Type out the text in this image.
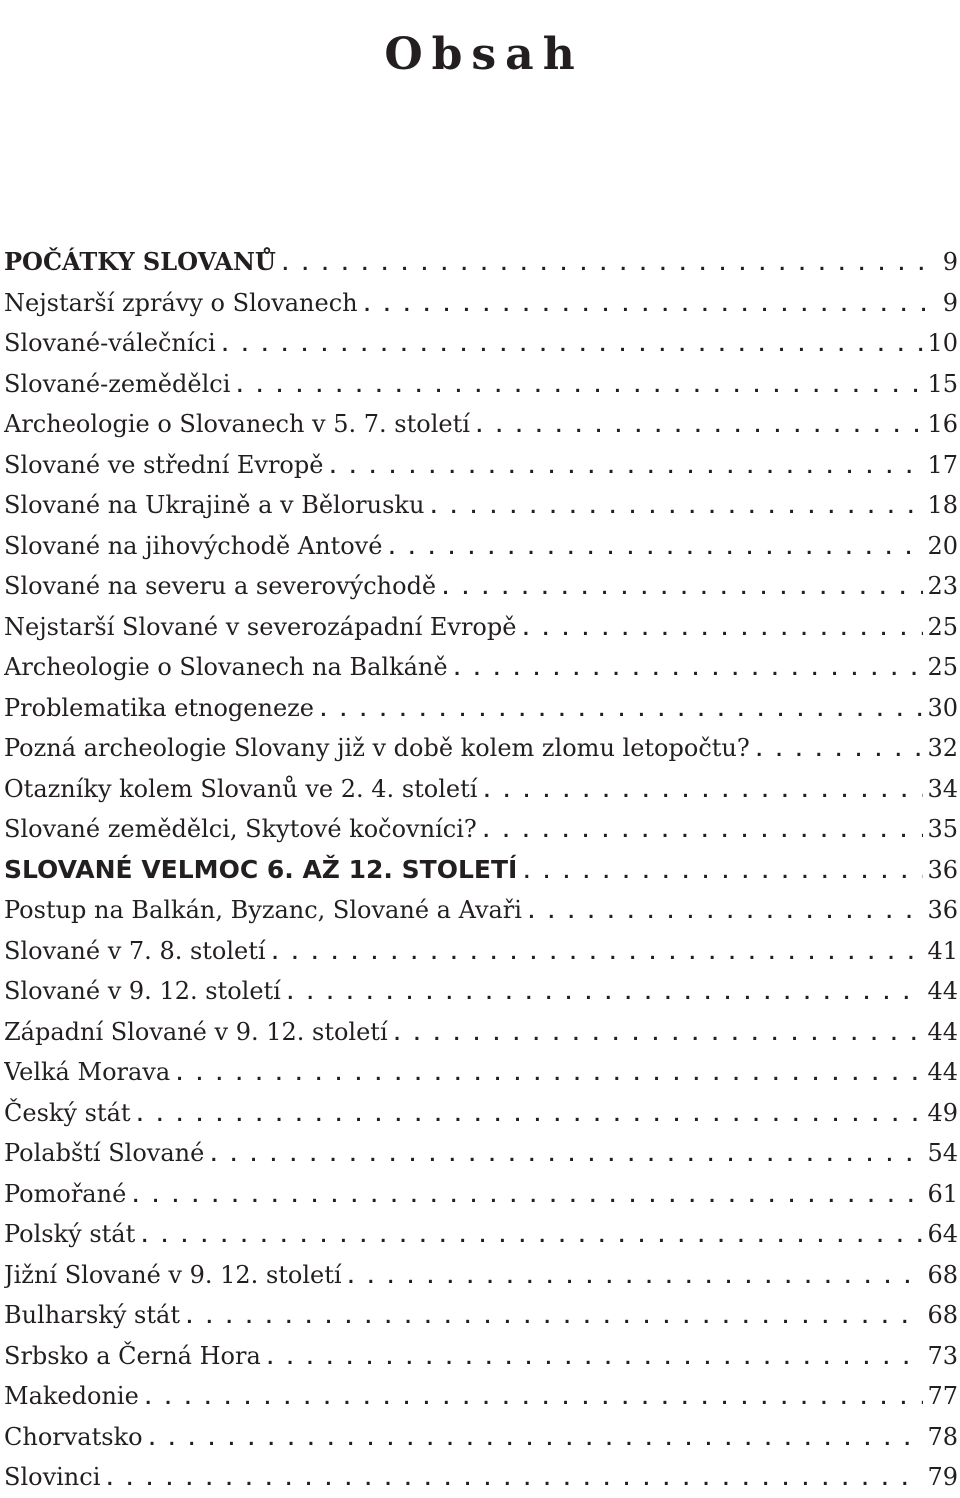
Obsah
POČÁTKY SLOVANŮ . . .	9
Nejstarší zprávy o Slovanech . . .	9
Slované-válečníci . . .	10
Slované-zemědělci . . .	15
Archeologie o Slovanech v 5. 7. století . . .	16
Slované ve střední Evropě . . .	17
Slované na Ukrajině a v Bělorusku . . .	18
Slované na jihovýchodě Antové . . .	20
Slované na severu a severovýchodě . . .	23
Nejstarší Slované v severozápadní Evropě . . .	25
Archeologie o Slovanech na Balkáně . . .	25
Problematika etnogeneze . . .	30
Pozná archeologie Slovany již v době kolem zlomu letopočtu? . . .	32
Otazníky kolem Slovanů ve 2. 4. století . . .	34
Slované zemědělci, Skytové kočovníci? . . .	35
SLOVANÉ VELMOC 6. AŽ 12. STOLETÍ . . .	36
Postup na Balkán, Byzanc, Slované a Avaři . . .	36
Slované v 7. 8. století . . .	41
Slované v 9. 12. století . . .	44
Západní Slované v 9. 12. století . . .	44
Velká Morava . . .	44
Český stát . . .	49
Polabští Slované . . .	54
Pomořané . . .	61
Polský stát . . .	64
Jižní Slované v 9. 12. století . . .	68
Bulharský stát . . .	68
Srbsko a Černá Hora . . .	73
Makedonie . . .	77
Chorvatsko . . .	78
Slovinci . . .	79
